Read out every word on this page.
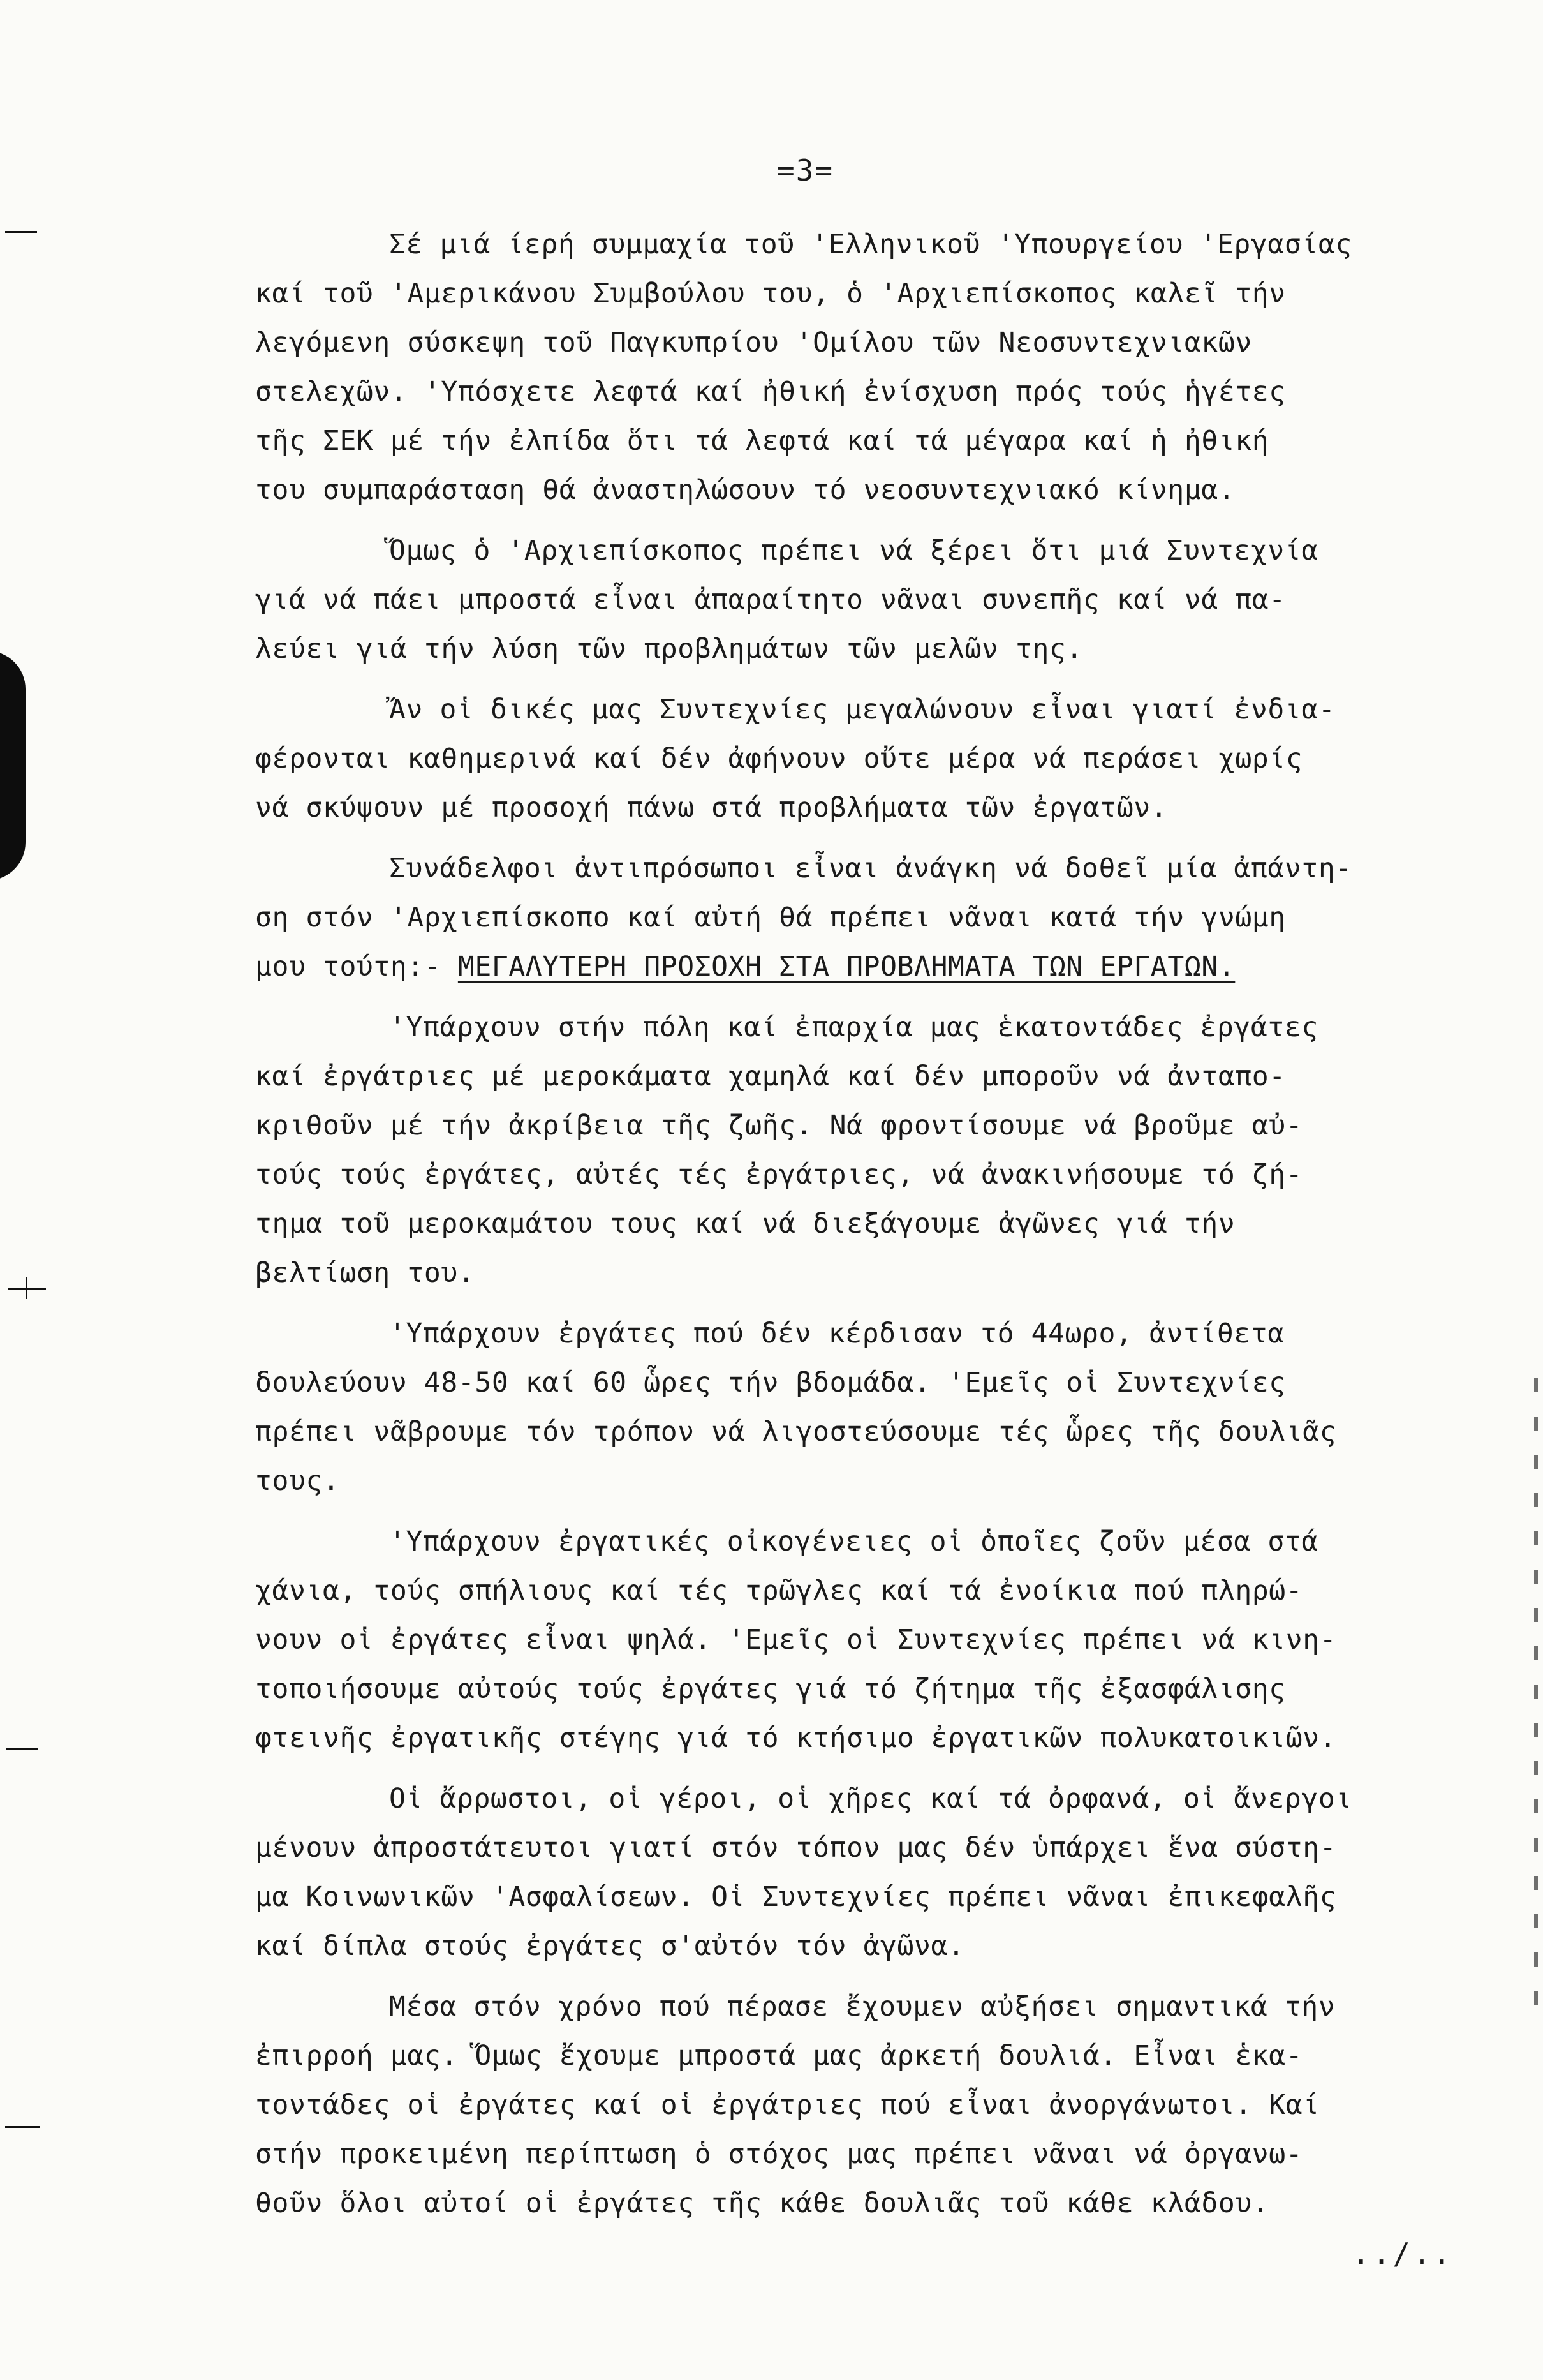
=3=
Σέ μιά ίερή συμμαχία τοῦ 'Ελληνικοῦ 'Υπουργείου 'Εργασίας
καί τοῦ 'Αμερικάνου Συμβούλου του, ὁ 'Αρχιεπίσκοπος καλεῖ τήν
λεγόμενη σύσκεψη τοῦ Παγκυπρίου 'Ομίλου τῶν Νεοσυντεχνιακῶν
στελεχῶν. 'Υπόσχετε λεφτά καί ἠθική ἐνίσχυση πρός τούς ἡγέτες
τῆς ΣΕΚ μέ τήν ἐλπίδα ὅτι τά λεφτά καί τά μέγαρα καί ἡ ἠθική
του συμπαράσταση θά ἀναστηλώσουν τό νεοσυντεχνιακό κίνημα.
Ὅμως ὁ 'Αρχιεπίσκοπος πρέπει νά ξέρει ὅτι μιά Συντεχνία
γιά νά πάει μπροστά εἶναι ἀπαραίτητο νᾶναι συνεπῆς καί νά πα-
λεύει γιά τήν λύση τῶν προβλημάτων τῶν μελῶν της.
Ἄν οἱ δικές μας Συντεχνίες μεγαλώνουν εἶναι γιατί ἐνδια-
φέρονται καθημερινά καί δέν ἀφήνουν οὔτε μέρα νά περάσει χωρίς
νά σκύψουν μέ προσοχή πάνω στά προβλήματα τῶν ἐργατῶν.
Συνάδελφοι ἀντιπρόσωποι εἶναι ἀνάγκη νά δοθεῖ μία ἀπάντη-
ση στόν 'Αρχιεπίσκοπο καί αὐτή θά πρέπει νᾶναι κατά τήν γνώμη
μου τούτη:- ΜΕΓΑΛΥΤΕΡΗ ΠΡΟΣΟΧΗ ΣΤΑ ΠΡΟΒΛΗΜΑΤΑ ΤΩΝ ΕΡΓΑΤΩΝ.
'Υπάρχουν στήν πόλη καί ἐπαρχία μας ἑκατοντάδες ἐργάτες
καί ἐργάτριες μέ μεροκάματα χαμηλά καί δέν μποροῦν νά ἀνταπο-
κριθοῦν μέ τήν ἀκρίβεια τῆς ζωῆς. Νά φροντίσουμε νά βροῦμε αὐ-
τούς τούς ἐργάτες, αὐτές τές ἐργάτριες, νά ἀνακινήσουμε τό ζή-
τημα τοῦ μεροκαμάτου τους καί νά διεξάγουμε ἀγῶνες γιά τήν
βελτίωση του.
'Υπάρχουν ἐργάτες πού δέν κέρδισαν τό 44ωρο, ἀντίθετα
δουλεύουν 48-50 καί 60 ὧρες τήν βδομάδα. 'Εμεῖς οἱ Συντεχνίες
πρέπει νᾶβρουμε τόν τρόπον νά λιγοστεύσουμε τές ὧρες τῆς δουλιᾶς
τους.
'Υπάρχουν ἐργατικές οἰκογένειες οἱ ὁποῖες ζοῦν μέσα στά
χάνια, τούς σπήλιους καί τές τρῶγλες καί τά ἐνοίκια πού πληρώ-
νουν οἱ ἐργάτες εἶναι ψηλά. 'Εμεῖς οἱ Συντεχνίες πρέπει νά κινη-
τοποιήσουμε αὐτούς τούς ἐργάτες γιά τό ζήτημα τῆς ἐξασφάλισης
φτεινῆς ἐργατικῆς στέγης γιά τό κτήσιμο ἐργατικῶν πολυκατοικιῶν.
Οἱ ἄρρωστοι, οἱ γέροι, οἱ χῆρες καί τά ὀρφανά, οἱ ἄνεργοι
μένουν ἀπροστάτευτοι γιατί στόν τόπον μας δέν ὑπάρχει ἕνα σύστη-
μα Κοινωνικῶν 'Ασφαλίσεων. Οἱ Συντεχνίες πρέπει νᾶναι ἐπικεφαλῆς
καί δίπλα στούς ἐργάτες σ'αὐτόν τόν ἀγῶνα.
Μέσα στόν χρόνο πού πέρασε ἔχουμεν αὐξήσει σημαντικά τήν
ἐπιρροή μας. Ὅμως ἔχουμε μπροστά μας ἀρκετή δουλιά. Εἶναι ἑκα-
τοντάδες οἱ ἐργάτες καί οἱ ἐργάτριες πού εἶναι ἀνοργάνωτοι. Καί
στήν προκειμένη περίπτωση ὁ στόχος μας πρέπει νᾶναι νά ὀργανω-
θοῦν ὅλοι αὐτοί οἱ ἐργάτες τῆς κάθε δουλιᾶς τοῦ κάθε κλάδου.
../..
